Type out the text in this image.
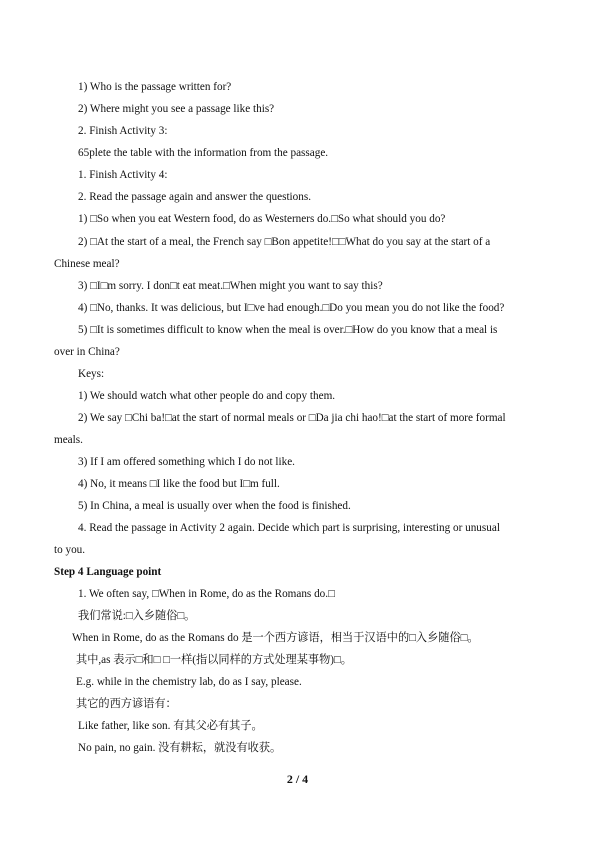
1) Who is the passage written for?
2) Where might you see a passage like this?
2. Finish Activity 3:
65plete the table with the information from the passage.
1. Finish Activity 4:
2. Read the passage again and answer the questions.
1) □So when you eat Western food, do as Westerners do.□So what should you do?
2) □At the start of a meal, the French say □Bon appetite!□□What do you say at the start of a
Chinese meal?
3) □I□m sorry. I don□t eat meat.□When might you want to say this?
4) □No, thanks. It was delicious, but I□ve had enough.□Do you mean you do not like the food?
5) □It is sometimes difficult to know when the meal is over.□How do you know that a meal is
over in China?
Keys:
1) We should watch what other people do and copy them.
2) We say □Chi ba!□at the start of normal meals or □Da jia chi hao!□at the start of more formal
meals.
3) If I am offered something which I do not like.
4) No, it means □I like the food but I□m full.
5) In China, a meal is usually over when the food is finished.
4. Read the passage in Activity 2 again. Decide which part is surprising, interesting or unusual
to you.
Step 4 Language point
1. We often say, □When in Rome, do as the Romans do.□
我们常说:□入乡随俗□。
When in Rome, do as the Romans do 是一个西方谚语，相当于汉语中的□入乡随俗□。
其中,as 表示□和□ □一样(指以同样的方式处理某事物)□。
E.g. while in the chemistry lab, do as I say, please.
其它的西方谚语有：
Like father, like son. 有其父必有其子。
No pain, no gain. 没有耕耘，就没有收获。
2 / 4
